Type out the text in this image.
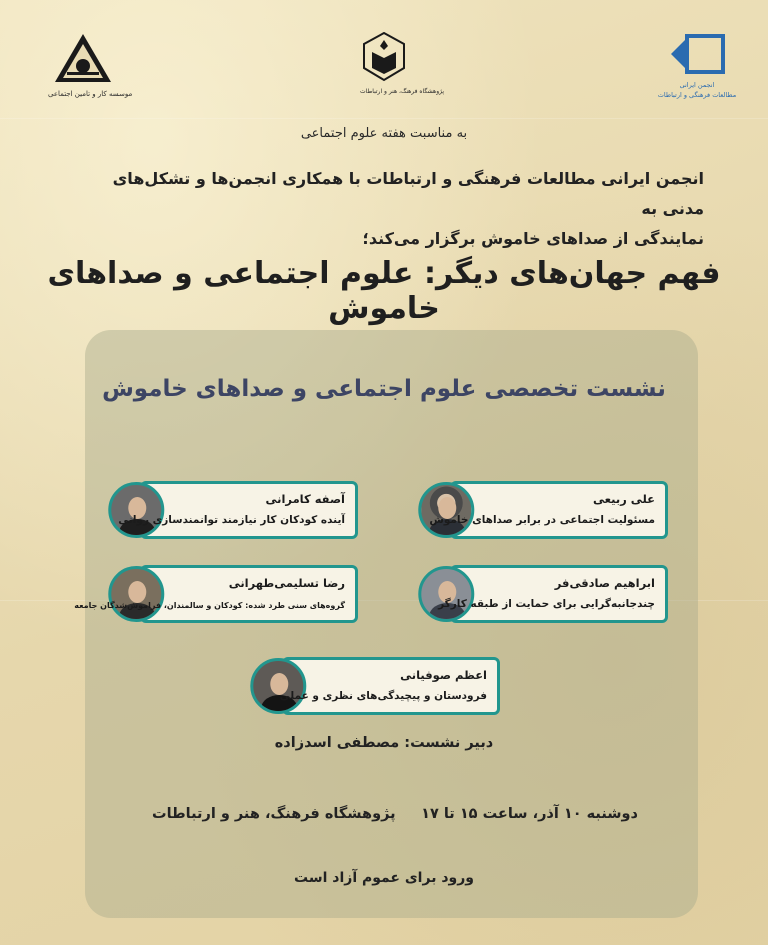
موسسه کار و تامین اجتماعی	پژوهشگاه فرهنگ، هنر و ارتباطات
انجمن ایرانی
مطالعات فرهنگی و ارتباطات
به مناسبت هفته علوم اجتماعی
انجمن ایرانی مطالعات فرهنگی و ارتباطات با همکاری انجمن‌ها و تشکل‌های مدنی به
نمایندگی از صداهای خاموش برگزار می‌کند؛
فهم جهان‌های دیگر: علوم اجتماعی و صداهای خاموش
نشست تخصصی علوم اجتماعی و صداهای خاموش
علی ربیعی
مسئولیت اجتماعی در برابر صداهای خاموش
آصفه کامرانی
آینده کودکان کار نیازمند توانمندسازی روانی
ابراهیم صادقی‌فر
چندجانبه‌گرایی برای حمایت از طبقه کارگر
رضا تسلیمی‌طهرانی
گروه‌های سنی طرد شده: کودکان و سالمندان، فراموش‌شدگان جامعه
اعظم صوفیانی
فرودستان و پیچیدگی‌های نظری و عملی
دبیر نشست: مصطفی اسدزاده
دوشنبه ۱۰ آذر، ساعت ۱۵ تا ۱۷
پژوهشگاه فرهنگ، هنر و ارتباطات
ورود برای عموم آزاد است
